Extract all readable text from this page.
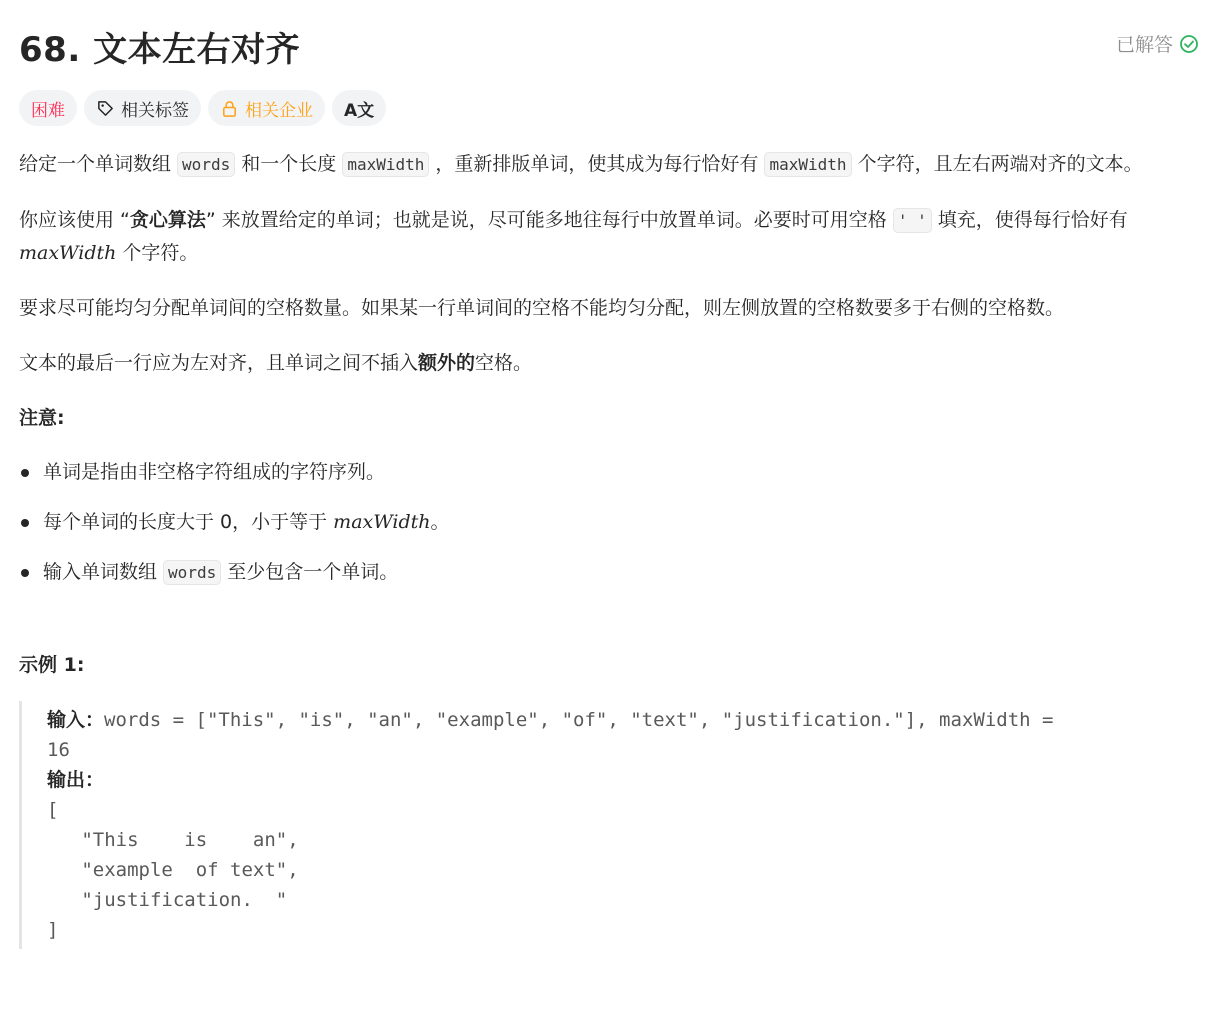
68. 文本左右对齐	已解答
困难	相关标签	相关企业 A文

给定一个单词数组 words 和一个长度 maxWidth ，重新排版单词，使其成为每行恰好有 maxWidth 个字符，且左右两端对齐的文本。

你应该使用 “贪心算法” 来放置给定的单词；也就是说，尽可能多地往每行中放置单词。必要时可用空格 ' ' 填充，使得每行恰好有 maxWidth 个字符。

要求尽可能均匀分配单词间的空格数量。如果某一行单词间的空格不能均匀分配，则左侧放置的空格数要多于右侧的空格数。

文本的最后一行应为左对齐，且单词之间不插入额外的空格。

注意:
单词是指由非空格字符组成的字符序列。
每个单词的长度大于 0，小于等于 maxWidth。
输入单词数组 words 至少包含一个单词。
示例 1:
输入：words = ["This", "is", "an", "example", "of", "text", "justification."], maxWidth =
16
输出：
[
"This    is    an",
"example  of text",
"justification.  "
]
